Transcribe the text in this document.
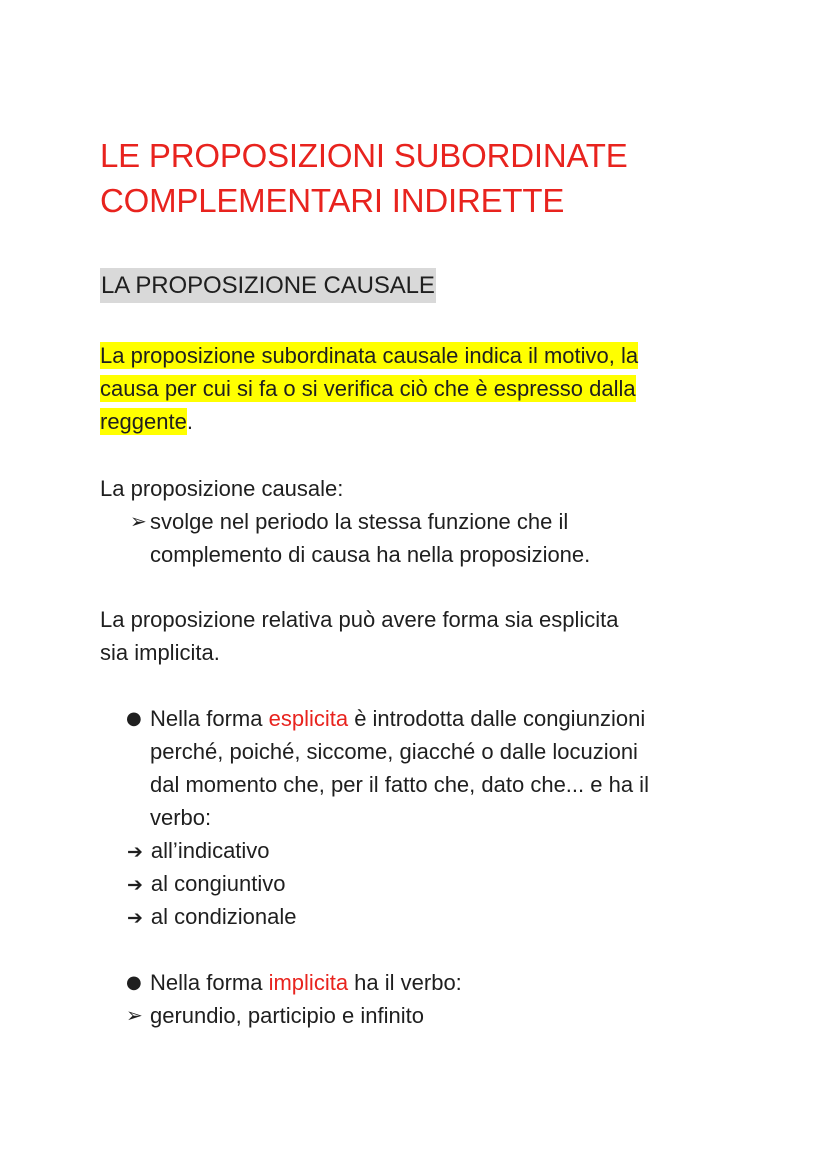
LE PROPOSIZIONI SUBORDINATE
COMPLEMENTARI INDIRETTE
LA PROPOSIZIONE CAUSALE

La proposizione subordinata causale indica il motivo, la
causa per cui si fa o si verifica ciò che è espresso dalla
reggente.

La proposizione causale:

➢ svolge nel periodo la stessa funzione che il
complemento di causa ha nella proposizione.

La proposizione relativa può avere forma sia esplicita
sia implicita.

● Nella forma esplicita è introdotta dalle congiunzioni
perché, poiché, siccome, giacché o dalle locuzioni
dal momento che, per il fatto che, dato che... e ha il
verbo:
➔ all’indicativo
➔ al congiuntivo
➔ al condizionale
● Nella forma implicita ha il verbo:
➢ gerundio, participio e infinito
